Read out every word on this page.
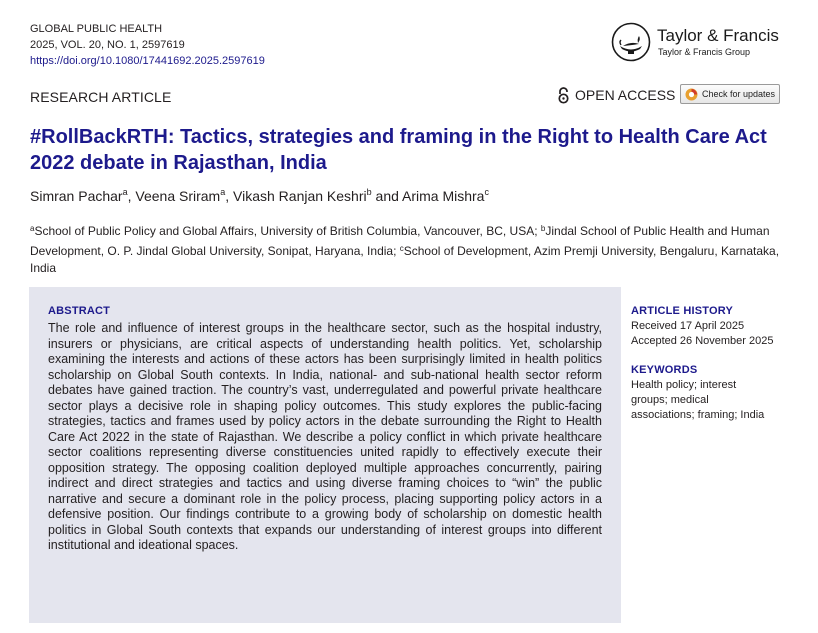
GLOBAL PUBLIC HEALTH
2025, VOL. 20, NO. 1, 2597619
https://doi.org/10.1080/17441692.2025.2597619
Taylor & Francis
Taylor & Francis Group
RESEARCH ARTICLE	OPEN ACCESS	Check for updates
#RollBackRTH: Tactics, strategies and framing in the Right to Health Care Act 2022 debate in Rajasthan, India
Simran Pachar$^a$, Veena Sriram$^a$, Vikash Ranjan Keshri$^b$ and Arima Mishra$^c$
$^a$School of Public Policy and Global Affairs, University of British Columbia, Vancouver, BC, USA; $^b$Jindal School of Public Health and Human Development, O. P. Jindal Global University, Sonipat, Haryana, India; $^c$School of Development, Azim Premji University, Bengaluru, Karnataka, India
ABSTRACT
The role and influence of interest groups in the healthcare sector, such as the hospital industry, insurers or physicians, are critical aspects of understanding health politics. Yet, scholarship examining the interests and actions of these actors has been surprisingly limited in health politics scholarship on Global South contexts. In India, national- and sub-national health sector reform debates have gained traction. The country’s vast, underregulated and powerful private healthcare sector plays a decisive role in shaping policy outcomes. This study explores the public-facing strategies, tactics and frames used by policy actors in the debate surrounding the Right to Health Care Act 2022 in the state of Rajasthan. We describe a policy conflict in which private healthcare sector coalitions representing diverse constituencies united rapidly to effectively execute their opposition strategy. The opposing coalition deployed multiple approaches concurrently, pairing indirect and direct strategies and tactics and using diverse framing choices to “win” the public narrative and secure a dominant role in the policy process, placing supporting policy actors in a defensive position. Our findings contribute to a growing body of scholarship on domestic health politics in Global South contexts that expands our understanding of interest groups into different institutional and ideational spaces.
ARTICLE HISTORY
Received 17 April 2025
Accepted 26 November 2025
KEYWORDS
Health policy; interest groups; medical associations; framing; India
